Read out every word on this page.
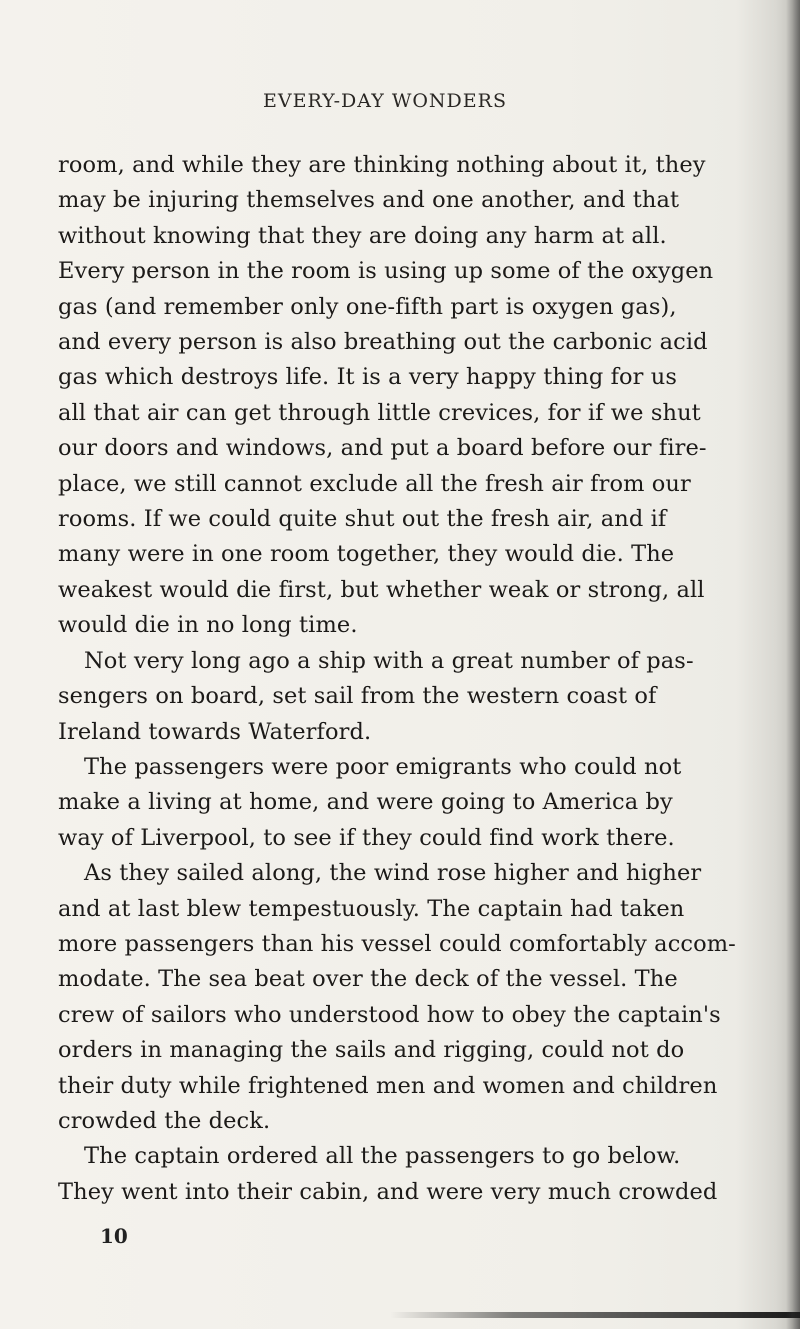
EVERY-DAY WONDERS
room, and while they are thinking nothing about it, they
may be injuring themselves and one another, and that
without knowing that they are doing any harm at all.
Every person in the room is using up some of the oxygen
gas (and remember only one-fifth part is oxygen gas),
and every person is also breathing out the carbonic acid
gas which destroys life. It is a very happy thing for us
all that air can get through little crevices, for if we shut
our doors and windows, and put a board before our fire-
place, we still cannot exclude all the fresh air from our
rooms. If we could quite shut out the fresh air, and if
many were in one room together, they would die. The
weakest would die first, but whether weak or strong, all
would die in no long time.
Not very long ago a ship with a great number of pas-
sengers on board, set sail from the western coast of
Ireland towards Waterford.
The passengers were poor emigrants who could not
make a living at home, and were going to America by
way of Liverpool, to see if they could find work there.
As they sailed along, the wind rose higher and higher
and at last blew tempestuously. The captain had taken
more passengers than his vessel could comfortably accom-
modate. The sea beat over the deck of the vessel. The
crew of sailors who understood how to obey the captain's
orders in managing the sails and rigging, could not do
their duty while frightened men and women and children
crowded the deck.
The captain ordered all the passengers to go below.
They went into their cabin, and were very much crowded
10
